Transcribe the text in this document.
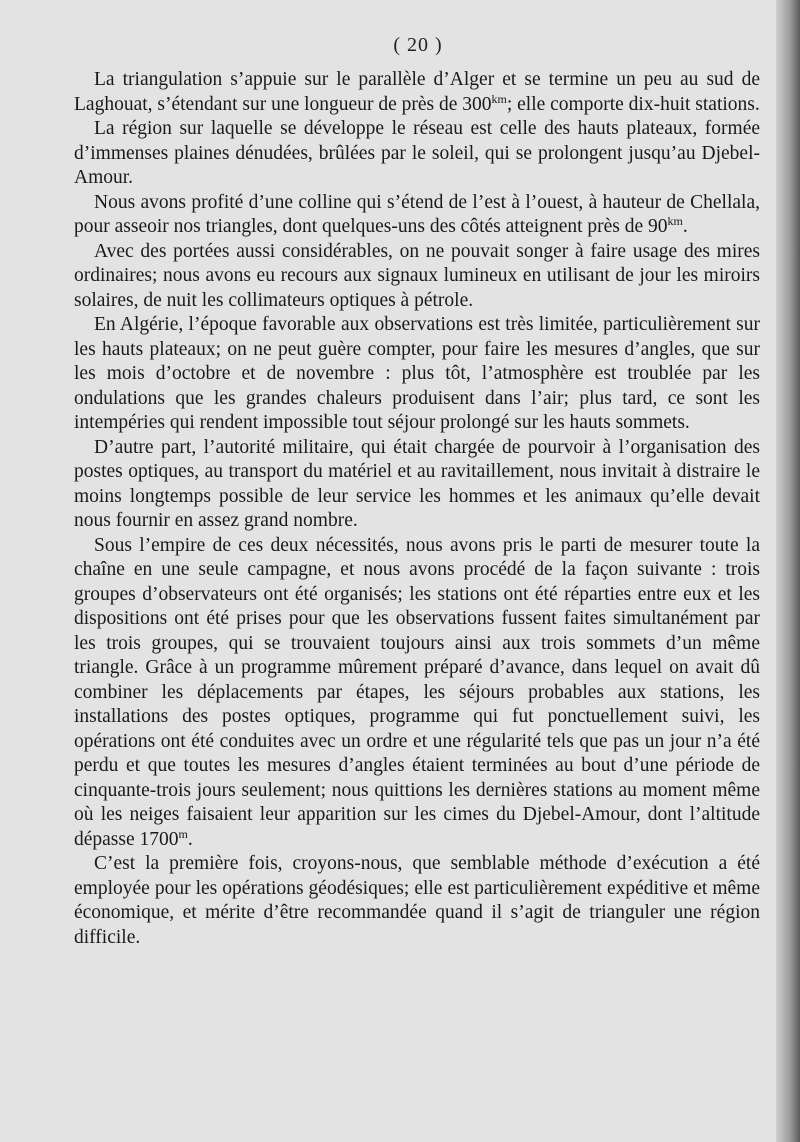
( 20 )

La triangulation s’appuie sur le parallèle d’Alger et se termine un peu au sud de Laghouat, s’étendant sur une longueur de près de $300^{km}$; elle comporte dix-huit stations.

La région sur laquelle se développe le réseau est celle des hauts plateaux, formée d’immenses plaines dénudées, brûlées par le soleil, qui se prolongent jusqu’au Djebel-Amour.

Nous avons profité d’une colline qui s’étend de l’est à l’ouest, à hauteur de Chellala, pour asseoir nos triangles, dont quelques-uns des côtés atteignent près de $90^{km}$.

Avec des portées aussi considérables, on ne pouvait songer à faire usage des mires ordinaires; nous avons eu recours aux signaux lumineux en utilisant de jour les miroirs solaires, de nuit les collimateurs optiques à pétrole.

En Algérie, l’époque favorable aux observations est très limitée, particulièrement sur les hauts plateaux; on ne peut guère compter, pour faire les mesures d’angles, que sur les mois d’octobre et de novembre : plus tôt, l’atmosphère est troublée par les ondulations que les grandes chaleurs produisent dans l’air; plus tard, ce sont les intempéries qui rendent impossible tout séjour prolongé sur les hauts sommets.

D’autre part, l’autorité militaire, qui était chargée de pourvoir à l’organisation des postes optiques, au transport du matériel et au ravitaillement, nous invitait à distraire le moins longtemps possible de leur service les hommes et les animaux qu’elle devait nous fournir en assez grand nombre.

Sous l’empire de ces deux nécessités, nous avons pris le parti de mesurer toute la chaîne en une seule campagne, et nous avons procédé de la façon suivante : trois groupes d’observateurs ont été organisés; les stations ont été réparties entre eux et les dispositions ont été prises pour que les observations fussent faites simultanément par les trois groupes, qui se trouvaient toujours ainsi aux trois sommets d’un même triangle. Grâce à un programme mûrement préparé d’avance, dans lequel on avait dû combiner les déplacements par étapes, les séjours probables aux stations, les installations des postes optiques, programme qui fut ponctuellement suivi, les opérations ont été conduites avec un ordre et une régularité tels que pas un jour n’a été perdu et que toutes les mesures d’angles étaient terminées au bout d’une période de cinquante-trois jours seulement; nous quittions les dernières stations au moment même où les neiges faisaient leur apparition sur les cimes du Djebel-Amour, dont l’altitude dépasse 1700$^m$.

C’est la première fois, croyons-nous, que semblable méthode d’exécution a été employée pour les opérations géodésiques; elle est particulièrement expéditive et même économique, et mérite d’être recommandée quand il s’agit de trianguler une région difficile.
